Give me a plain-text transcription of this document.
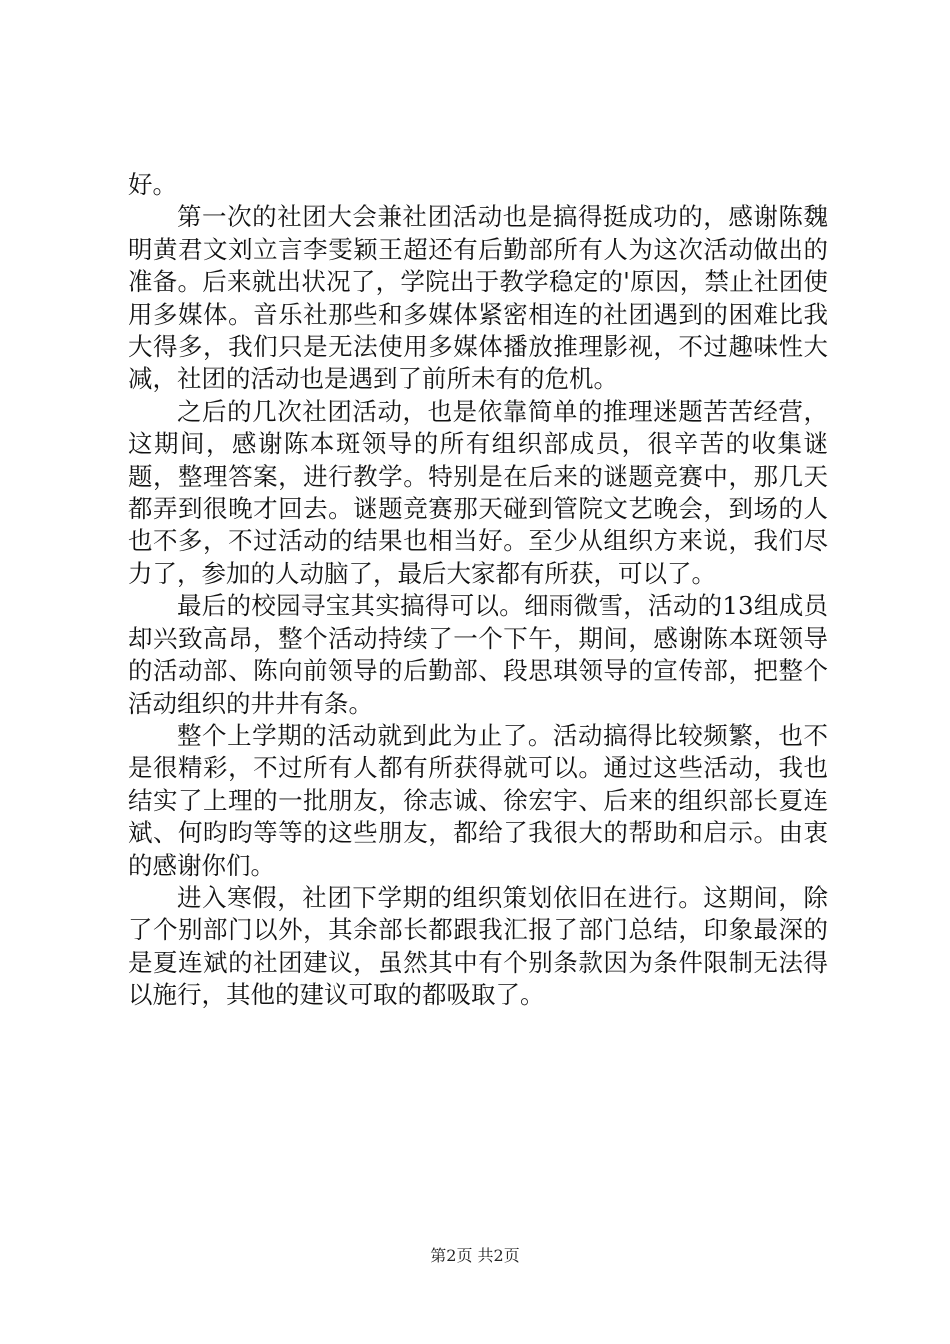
好。

第一次的社团大会兼社团活动也是搞得挺成功的，感谢陈魏明黄君文刘立言李雯颖王超还有后勤部所有人为这次活动做出的准备。后来就出状况了，学院出于教学稳定的'原因，禁止社团使用多媒体。音乐社那些和多媒体紧密相连的社团遇到的困难比我大得多，我们只是无法使用多媒体播放推理影视，不过趣味性大减，社团的活动也是遇到了前所未有的危机。

之后的几次社团活动，也是依靠简单的推理迷题苦苦经营，这期间，感谢陈本斑领导的所有组织部成员，很辛苦的收集谜题，整理答案，进行教学。特别是在后来的谜题竞赛中，那几天都弄到很晚才回去。谜题竞赛那天碰到管院文艺晚会，到场的人也不多，不过活动的结果也相当好。至少从组织方来说，我们尽力了，参加的人动脑了，最后大家都有所获，可以了。

最后的校园寻宝其实搞得可以。细雨微雪，活动的13组成员却兴致高昂，整个活动持续了一个下午，期间，感谢陈本斑领导的活动部、陈向前领导的后勤部、段思琪领导的宣传部，把整个活动组织的井井有条。

整个上学期的活动就到此为止了。活动搞得比较频繁，也不是很精彩，不过所有人都有所获得就可以。通过这些活动，我也结实了上理的一批朋友，徐志诚、徐宏宇、后来的组织部长夏连斌、何昀昀等等的这些朋友，都给了我很大的帮助和启示。由衷的感谢你们。

进入寒假，社团下学期的组织策划依旧在进行。这期间，除了个别部门以外，其余部长都跟我汇报了部门总结，印象最深的是夏连斌的社团建议，虽然其中有个别条款因为条件限制无法得以施行，其他的建议可取的都吸取了。

第2页 共2页
